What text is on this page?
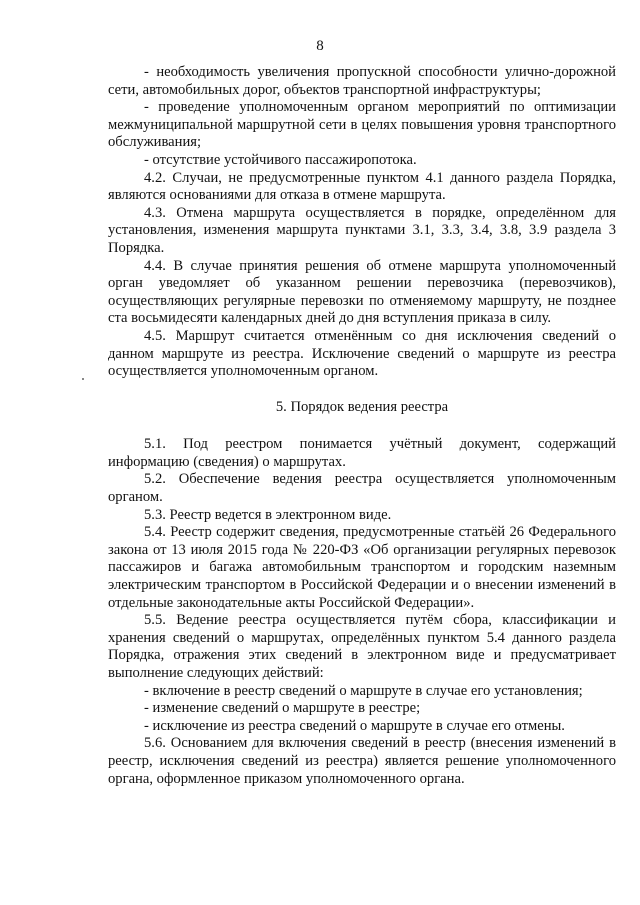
8

- необходимость увеличения пропускной способности улично-дорожной сети, автомобильных дорог, объектов транспортной инфраструктуры;

- проведение уполномоченным органом мероприятий по оптимизации межмуниципальной маршрутной сети в целях повышения уровня транспортного обслуживания;

- отсутствие устойчивого пассажиропотока.

4.2. Случаи, не предусмотренные пунктом 4.1 данного раздела Порядка, являются основаниями для отказа в отмене маршрута.

4.3. Отмена маршрута осуществляется в порядке, определённом для установления, изменения маршрута пунктами 3.1, 3.3, 3.4, 3.8, 3.9 раздела 3 Порядка.

4.4. В случае принятия решения об отмене маршрута уполномоченный орган уведомляет об указанном решении перевозчика (перевозчиков), осуществляющих регулярные перевозки по отменяемому маршруту, не позднее ста восьмидесяти календарных дней до дня вступления приказа в силу.

4.5. Маршрут считается отменённым со дня исключения сведений о данном маршруте из реестра. Исключение сведений о маршруте из реестра осуществляется уполномоченным органом.

5. Порядок ведения реестра

5.1. Под реестром понимается учётный документ, содержащий информацию (сведения) о маршрутах.

5.2. Обеспечение ведения реестра осуществляется уполномоченным органом.

5.3. Реестр ведется в электронном виде.

5.4. Реестр содержит сведения, предусмотренные статьёй 26 Федерального закона от 13 июля 2015 года № 220-ФЗ «Об организации регулярных перевозок пассажиров и багажа автомобильным транспортом и городским наземным электрическим транспортом в Российской Федерации и о внесении изменений в отдельные законодательные акты Российской Федерации».

5.5. Ведение реестра осуществляется путём сбора, классификации и хранения сведений о маршрутах, определённых пунктом 5.4 данного раздела Порядка, отражения этих сведений в электронном виде и предусматривает выполнение следующих действий:

- включение в реестр сведений о маршруте в случае его установления;

- изменение сведений о маршруте в реестре;

- исключение из реестра сведений о маршруте в случае его отмены.

5.6. Основанием для включения сведений в реестр (внесения изменений в реестр, исключения сведений из реестра) является решение уполномоченного органа, оформленное приказом уполномоченного органа.
